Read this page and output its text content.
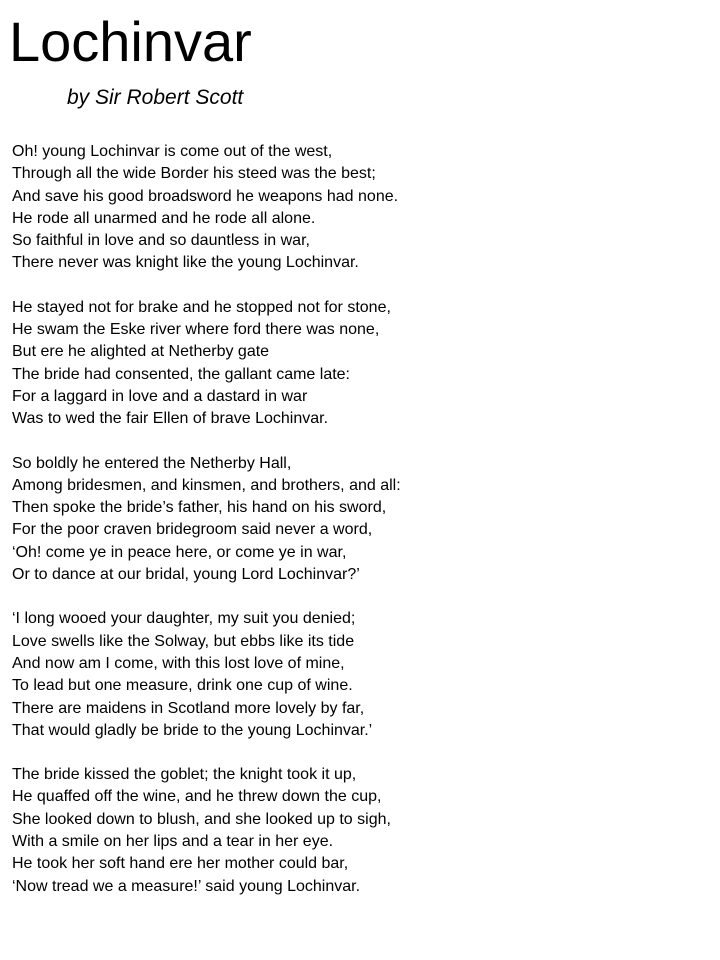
Lochinvar

by Sir Robert Scott

Oh! young Lochinvar is come out of the west,
Through all the wide Border his steed was the best;
And save his good broadsword he weapons had none.
He rode all unarmed and he rode all alone.
So faithful in love and so dauntless in war,
There never was knight like the young Lochinvar.
He stayed not for brake and he stopped not for stone,
He swam the Eske river where ford there was none,
But ere he alighted at Netherby gate
The bride had consented, the gallant came late:
For a laggard in love and a dastard in war
Was to wed the fair Ellen of brave Lochinvar.
So boldly he entered the Netherby Hall,
Among bridesmen, and kinsmen, and brothers, and all:
Then spoke the bride’s father, his hand on his sword,
For the poor craven bridegroom said never a word,
‘Oh! come ye in peace here, or come ye in war,
Or to dance at our bridal, young Lord Lochinvar?’
‘I long wooed your daughter, my suit you denied;
Love swells like the Solway, but ebbs like its tide
And now am I come, with this lost love of mine,
To lead but one measure, drink one cup of wine.
There are maidens in Scotland more lovely by far,
That would gladly be bride to the young Lochinvar.’
The bride kissed the goblet; the knight took it up,
He quaffed off the wine, and he threw down the cup,
She looked down to blush, and she looked up to sigh,
With a smile on her lips and a tear in her eye.
He took her soft hand ere her mother could bar,
‘Now tread we a measure!’ said young Lochinvar.
